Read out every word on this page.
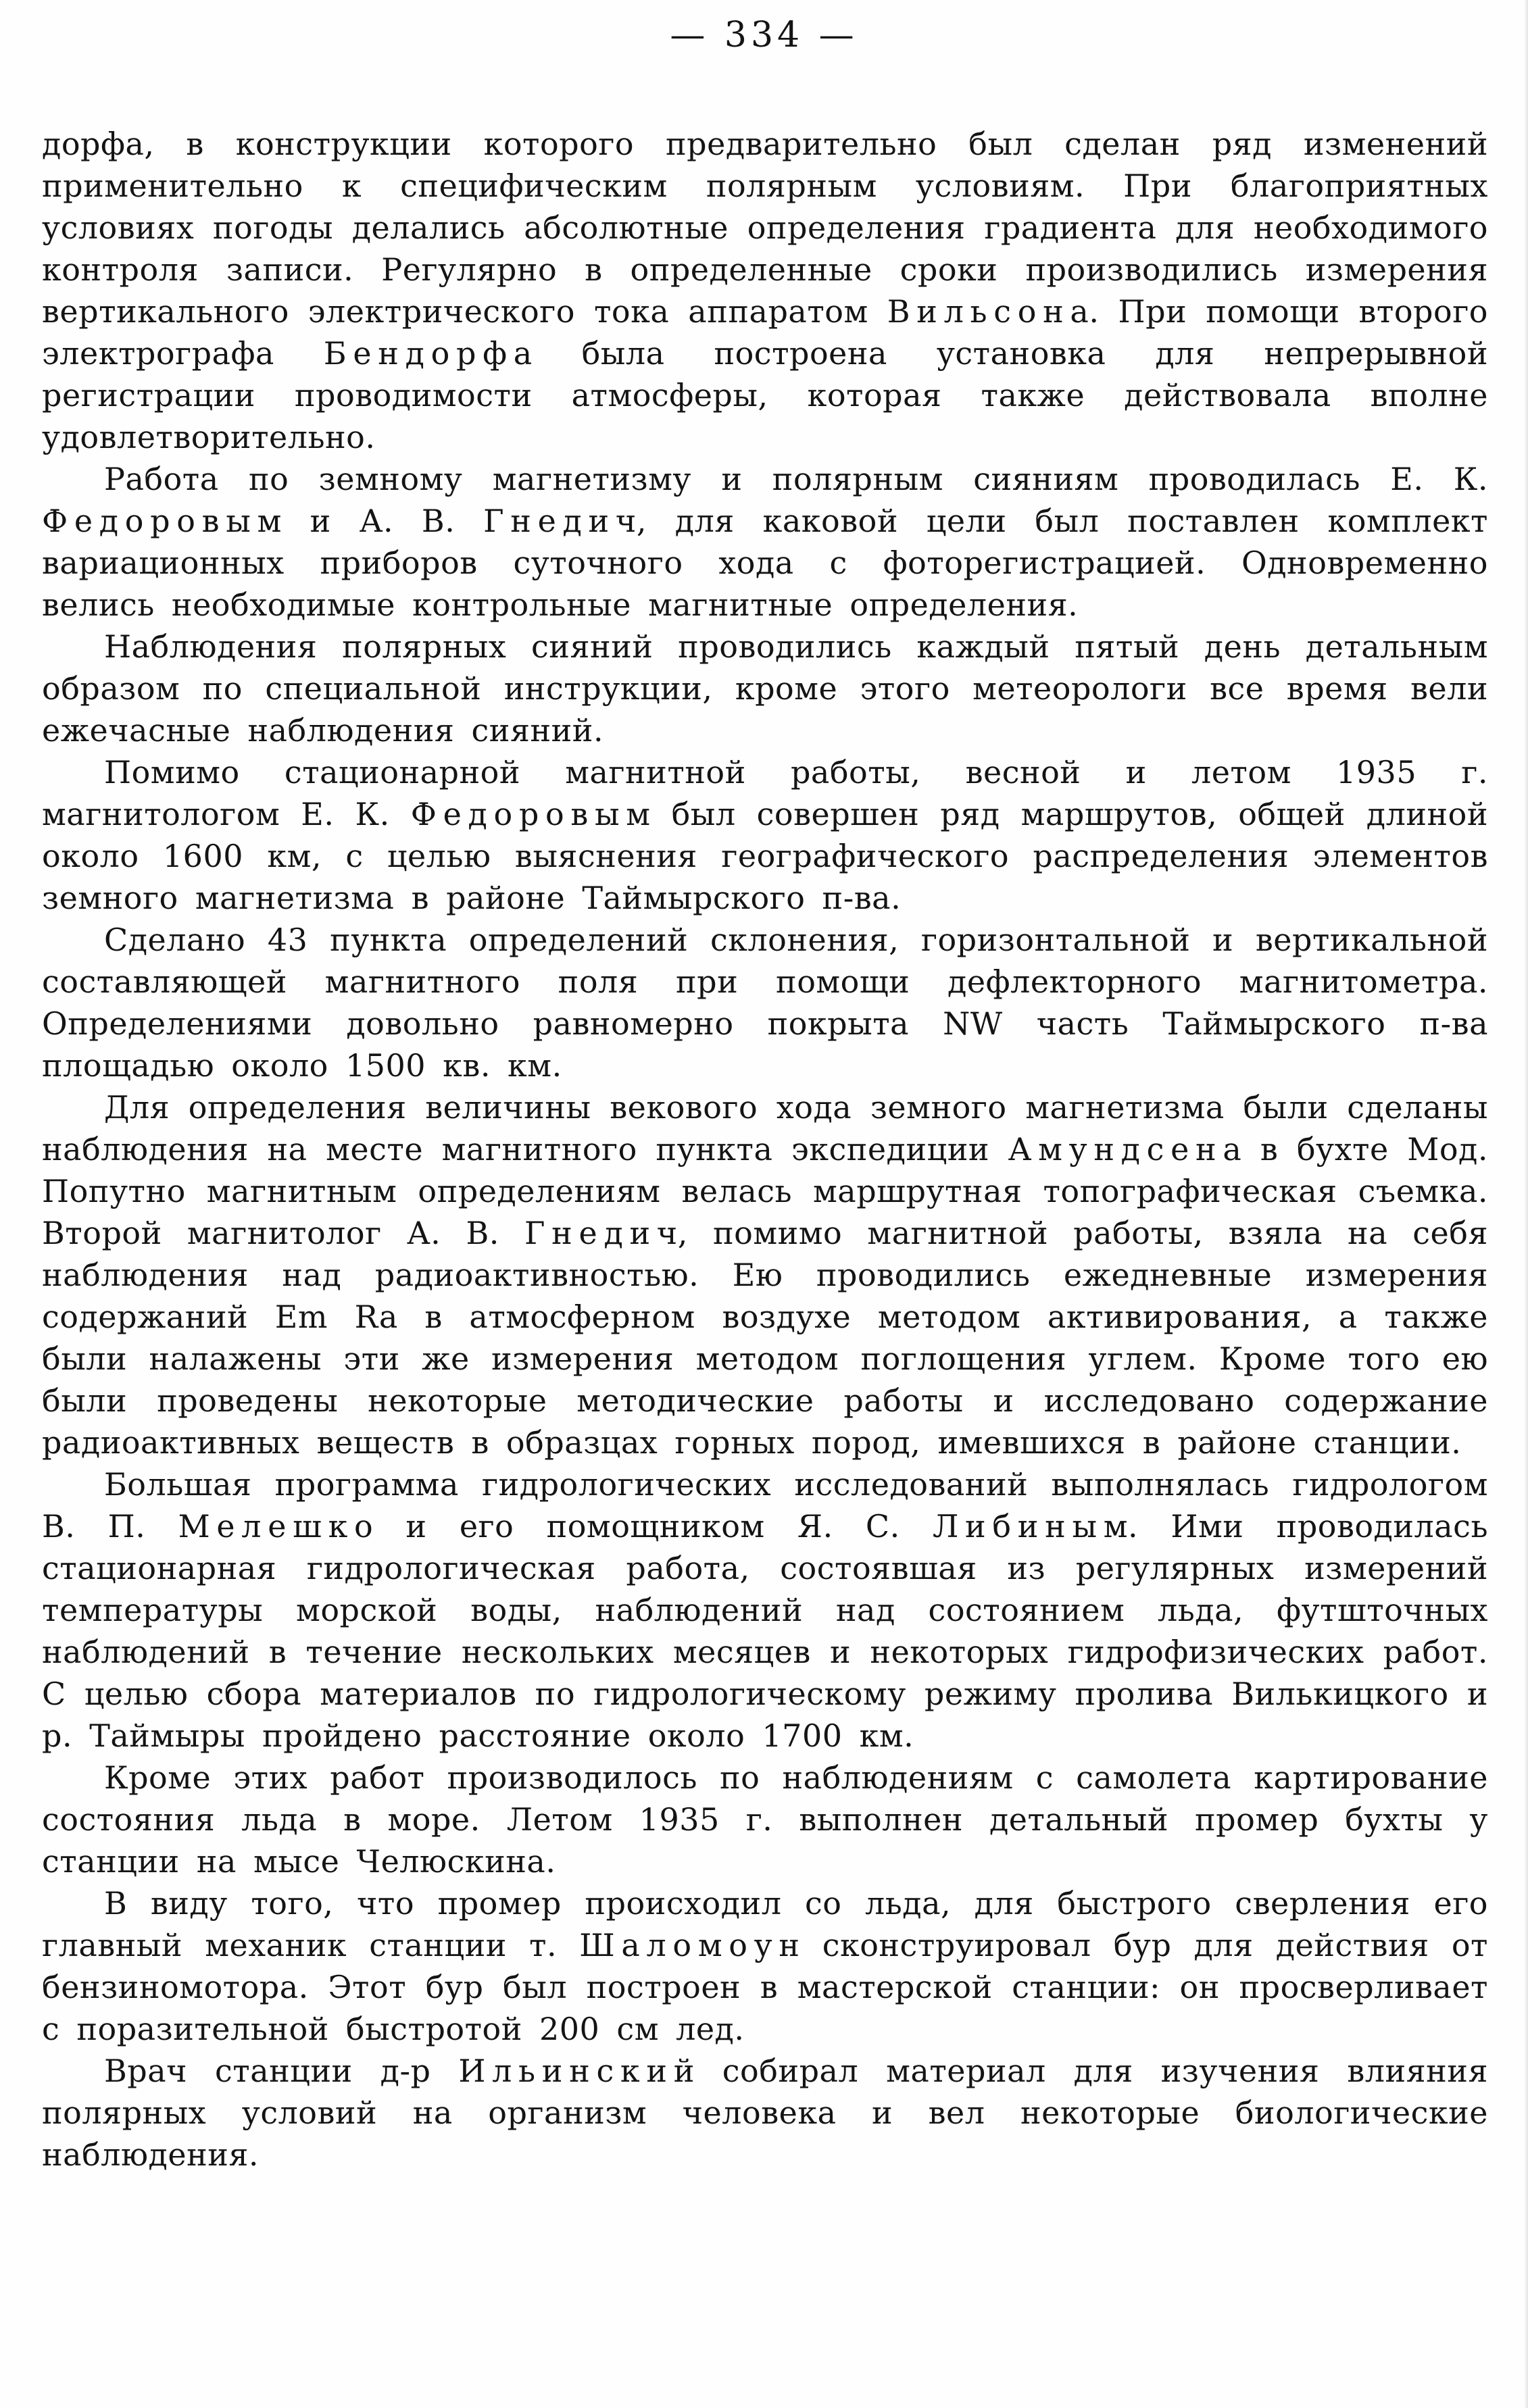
— 334 —

дорфа, в конструкции которого предварительно был сделан ряд изменений применительно к специфическим полярным условиям. При благоприятных условиях погоды делались абсолютные определения градиента для необходимого контроля записи. Регулярно в определенные сроки производились измерения вертикального электрического тока аппаратом В и л ь с о н а. При помощи второго электрографа Б е н д о р ф а была построена установка для непрерывной регистрации проводимости атмосферы, которая также действовала вполне удовлетворительно.

Работа по земному магнетизму и полярным сияниям проводилась Е. К. Ф е д о р о в ы м и А. В. Г н е д и ч, для каковой цели был поставлен комплект вариационных приборов суточного хода с фоторегистрацией. Одновременно велись необходимые контрольные магнитные определения.

Наблюдения полярных сияний проводились каждый пятый день детальным образом по специальной инструкции, кроме этого метеорологи все время вели ежечасные наблюдения сияний.

Помимо стационарной магнитной работы, весной и летом 1935 г. магнитологом Е. К. Ф е д о р о в ы м был совершен ряд маршрутов, общей длиной около 1600 км, с целью выяснения географического распределения элементов земного магнетизма в районе Таймырского п-ва.

Сделано 43 пункта определений склонения, горизонтальной и вертикальной составляющей магнитного поля при помощи дефлекторного магнитометра. Определениями довольно равномерно покрыта NW часть Таймырского п-ва площадью около 1500 кв. км.

Для определения величины векового хода земного магнетизма были сделаны наблюдения на месте магнитного пункта экспедиции А м у н д с е н а в бухте Мод. Попутно магнитным определениям велась маршрутная топографическая съемка. Второй магнитолог А. В. Г н е д и ч, помимо магнитной работы, взяла на себя наблюдения над радиоактивностью. Ею проводились ежедневные измерения содержаний Em Ra в атмосферном воздухе методом активирования, а также были налажены эти же измерения методом поглощения углем. Кроме того ею были проведены некоторые методические работы и исследовано содержание радиоактивных веществ в образцах горных пород, имевшихся в районе станции.

Большая программа гидрологических исследований выполнялась гидрологом В. П. М е л е ш к о и его помощником Я. С. Л и б и н ы м. Ими проводилась стационарная гидрологическая работа, состоявшая из регулярных измерений температуры морской воды, наблюдений над состоянием льда, футшточных наблюдений в течение нескольких месяцев и некоторых гидрофизических работ. С целью сбора материалов по гидрологическому режиму пролива Вилькицкого и р. Таймыры пройдено расстояние около 1700 км.

Кроме этих работ производилось по наблюдениям с самолета картирование состояния льда в море. Летом 1935 г. выполнен детальный промер бухты у станции на мысе Челюскина.

В виду того, что промер происходил со льда, для быстрого сверления его главный механик станции т. Ш а л о м о у н сконструировал бур для действия от бензиномотора. Этот бур был построен в мастерской станции: он просверливает с поразительной быстротой 200 см лед.

Врач станции д-р И л ь и н с к и й собирал материал для изучения влияния полярных условий на организм человека и вел некоторые биологические наблюдения.
